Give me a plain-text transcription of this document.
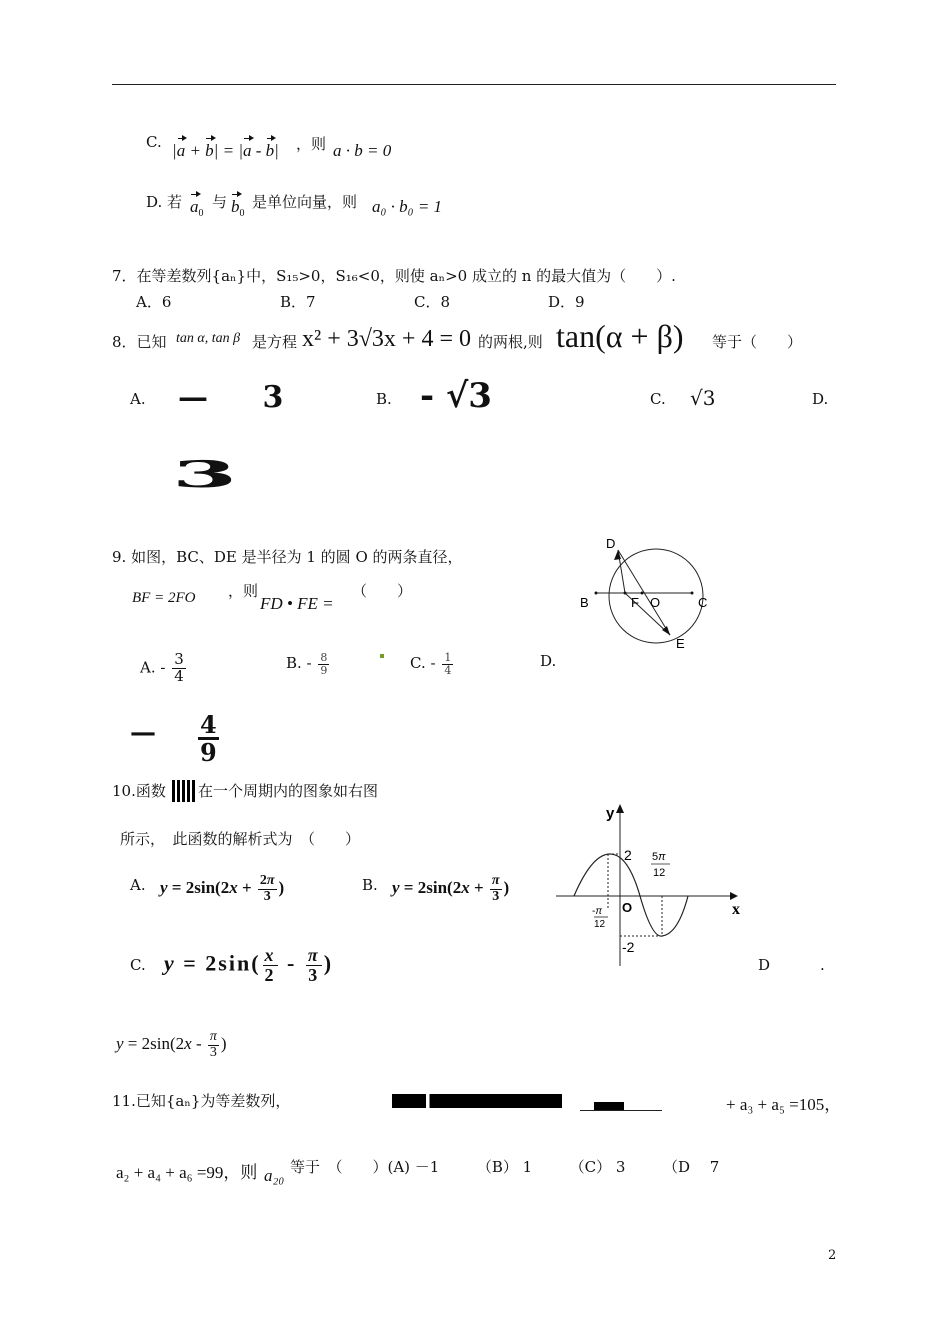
C. |a + b| = |a - b| ，则 a · b = 0
D. 若 $a_0$
与 $b_0$
是单位向量，则 a₀ · b₀ = 1
7．在等差数列{aₙ}中，S₁₅>0，S₁₆<0，则使 aₙ>0 成立的 n 的最大值为（　　）.
A．6	B．7	C．8	D．9
8．已知 tan α, tan β 是方程 x² + 3√3x + 4 = 0 的两根,则 tan(α + β) 等于（　　）
A. — 3	B. - √3	C. √3	D.
3
9. 如图，BC、DE 是半径为 1 的圆 O 的两条直径，
BF = 2FO ，则
FD • FE =
（　　）
A. - $\frac{3}{4}$	B. - $\frac{8}{9}$	C. - $\frac{1}{4}$	D.
— $\frac{4}{9}$
D
B	F O	C
E
10.函数 在一个周期内的图象如右图
所示，　此函数的解析式为　（　　）
A. $y = 2\sin(2x + \frac{2\pi}{3}$ )	B. $y = 2\sin(2x + \frac{\pi}{3}$ )
C. $y = 2\sin( \frac{x}{2} - \frac{\pi}{3}$ )	D	.
$y = 2\sin(2x - \frac{\pi}{3}$ )
y
x
O
2
-2
-π
12
5π
12
11.已知{aₙ}为等差数列，	+ a₃ + a₅ =105，
a₂ + a₄ + a₆ =99，则 a₂₀ 等于　（　　）(A) －1　　　（B） 1　　　（C） 3　　　（D　 7
2
